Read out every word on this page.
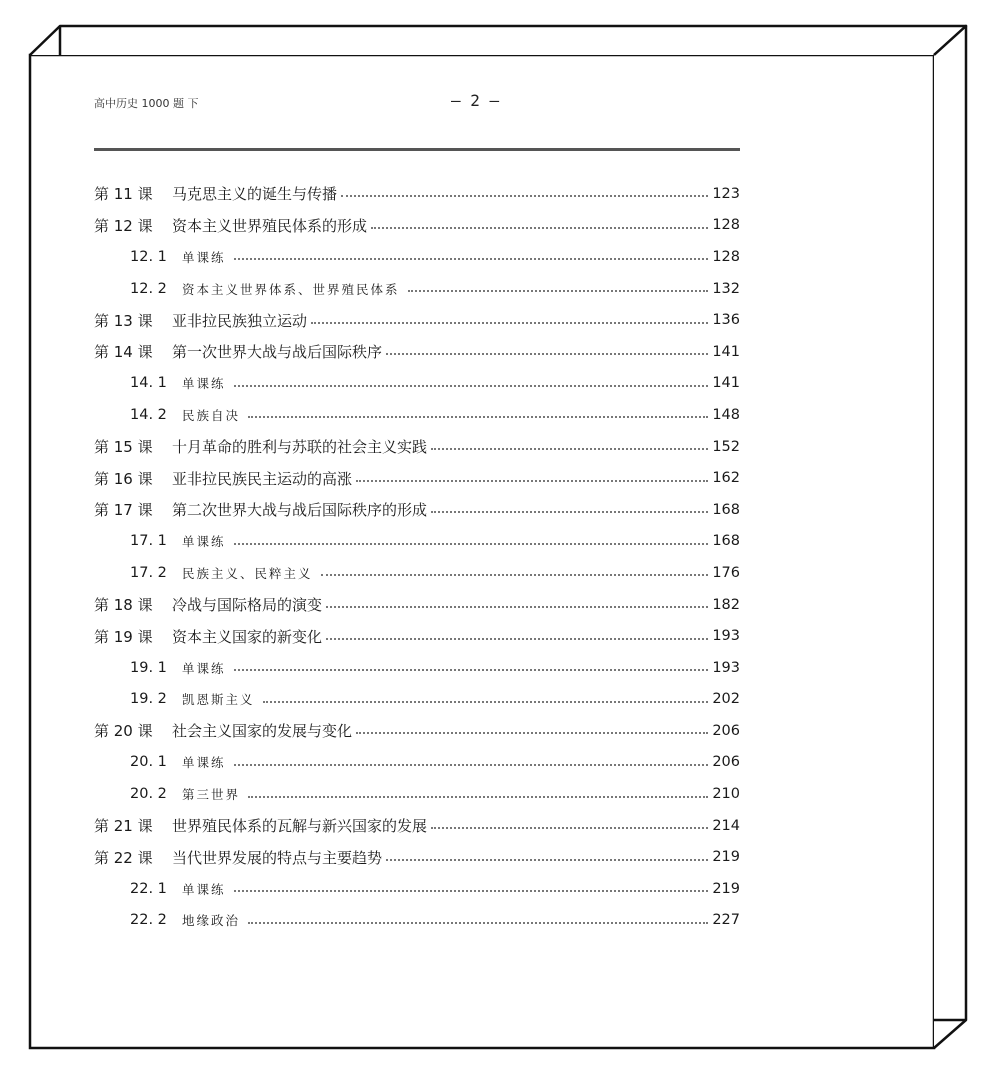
高中历史 1000 题 下	— 2 —
第 11 课	马克思主义的诞生与传播	123
第 12 课	资本主义世界殖民体系的形成	128
12. 1	单课练	128
12. 2	资本主义世界体系、世界殖民体系	132
第 13 课	亚非拉民族独立运动	136
第 14 课	第一次世界大战与战后国际秩序	141
14. 1	单课练	141
14. 2	民族自决	148
第 15 课	十月革命的胜利与苏联的社会主义实践	152
第 16 课	亚非拉民族民主运动的高涨	162
第 17 课	第二次世界大战与战后国际秩序的形成	168
17. 1	单课练	168
17. 2	民族主义、民粹主义	176
第 18 课	冷战与国际格局的演变	182
第 19 课	资本主义国家的新变化	193
19. 1	单课练	193
19. 2	凯恩斯主义	202
第 20 课	社会主义国家的发展与变化	206
20. 1	单课练	206
20. 2	第三世界	210
第 21 课	世界殖民体系的瓦解与新兴国家的发展	214
第 22 课	当代世界发展的特点与主要趋势	219
22. 1	单课练	219
22. 2	地缘政治	227
